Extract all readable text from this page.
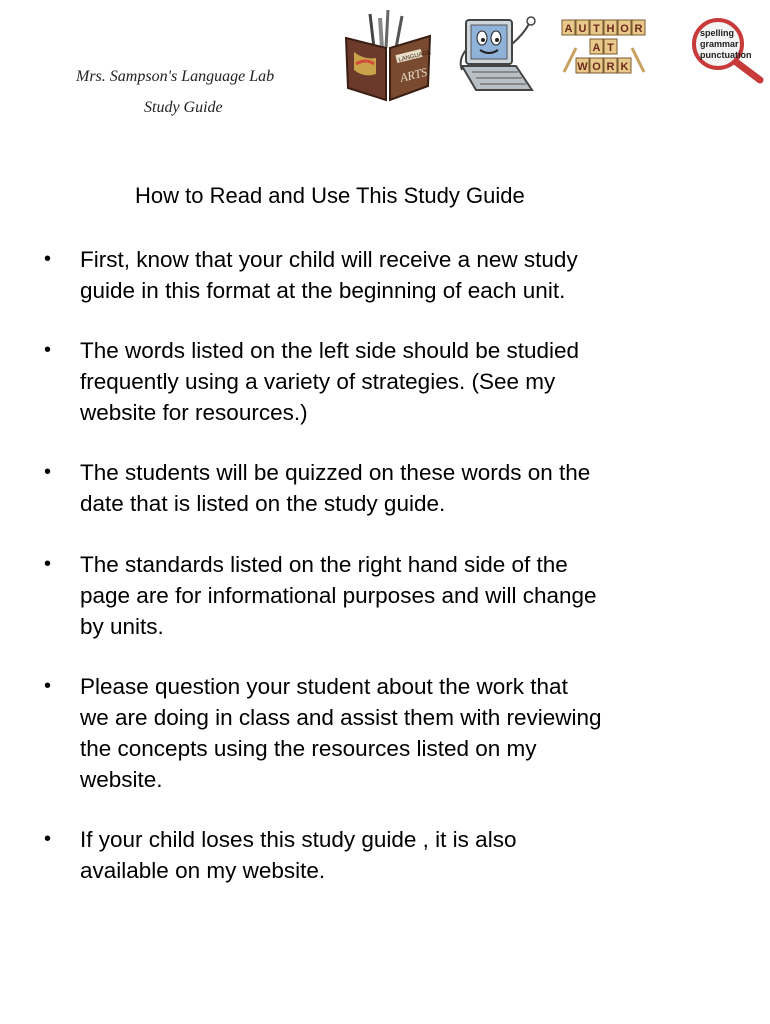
Mrs. Sampson's Language Lab
Study Guide
LANGUAGE
ARTS
A U T H O R
A T
W O R K
spelling
grammar
punctuation
How to Read and Use This Study Guide
• First, know that your child will receive a new study
guide in this format at the beginning of each unit.
• The words listed on the left side should be studied
frequently using a variety of strategies. (See my
website for resources.)
• The students will be quizzed on these words on the
date that is listed on the study guide.
• The standards listed on the right hand side of the
page are for informational purposes and will change
by units.
• Please question your student about the work that
we are doing in class and assist them with reviewing
the concepts using the resources listed on my
website.
• If your child loses this study guide , it is also
available on my website.
